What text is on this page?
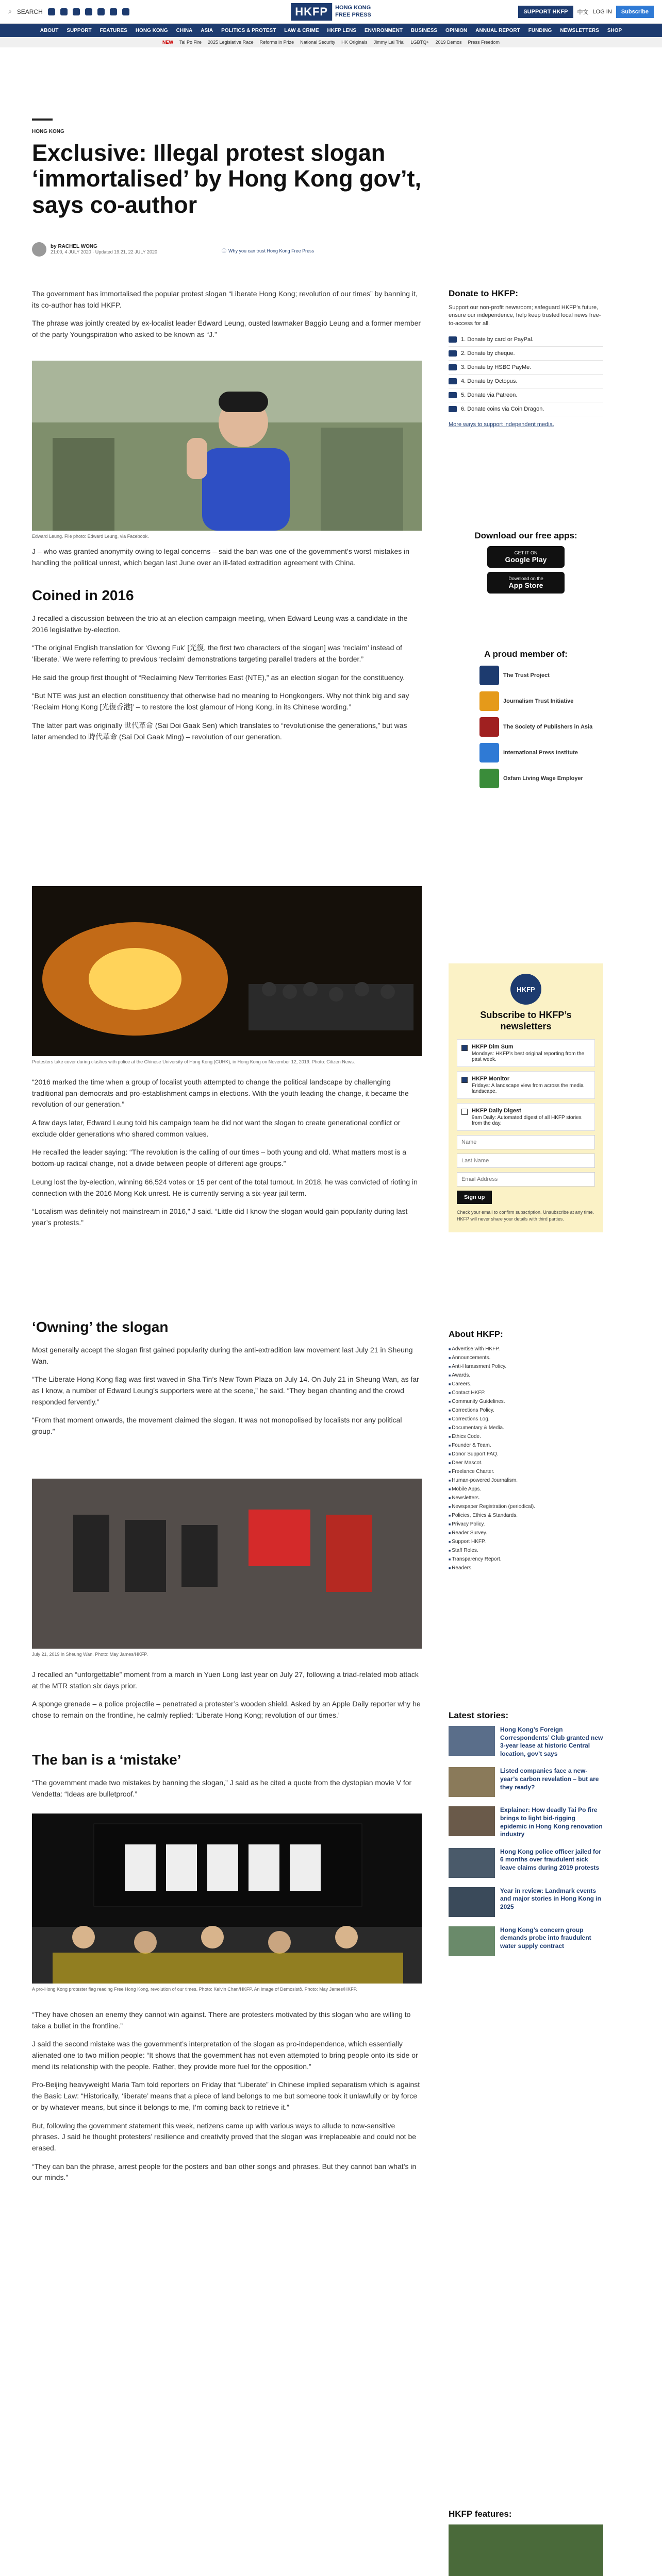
⌕ SEARCH	HKFP	HONG KONG
FREE PRESS	SUPPORT HKFP	中文 LOG IN	Subscribe
ABOUT SUPPORT FEATURES HONG KONG CHINA ASIA POLITICS & PROTEST LAW & CRIME HKFP LENS ENVIRONMENT BUSINESS OPINION ANNUAL REPORT FUNDING NEWSLETTERS SHOP
NEW Tai Po Fire 2025 Legislative Race Reforms in Prize National Security HK Originals Jimmy Lai Trial LGBTQ+ 2019 Demos Press Freedom
HONG KONG
Exclusive: Illegal protest slogan ‘immortalised’ by Hong Kong gov’t, says co-author
by RACHEL WONG
21:00, 4 JULY 2020 · Updated 19:21, 22 JULY 2020	ⓘ Why you can trust Hong Kong Free Press

The government has immortalised the popular protest slogan “Liberate Hong Kong; revolution of our times” by banning it, its co-author has told HKFP.

The phrase was jointly created by ex-localist leader Edward Leung, ousted lawmaker Baggio Leung and a former member of the party Youngspiration who asked to be known as “J.”

Edward Leung. File photo: Edward Leung, via Facebook.

J – who was granted anonymity owing to legal concerns – said the ban was one of the government’s worst mistakes in handling the political unrest, which began last June over an ill-fated extradition agreement with China.

Coined in 2016

J recalled a discussion between the trio at an election campaign meeting, when Edward Leung was a candidate in the 2016 legislative by-election.

“The original English translation for ‘Gwong Fuk’ [光復, the first two characters of the slogan] was ‘reclaim’ instead of ‘liberate.’ We were referring to previous ‘reclaim’ demonstrations targeting parallel traders at the border.”

He said the group first thought of “Reclaiming New Territories East (NTE),” as an election slogan for the constituency.

“But NTE was just an election constituency that otherwise had no meaning to Hongkongers. Why not think big and say ‘Reclaim Hong Kong [光復香港]’ – to restore the lost glamour of Hong Kong, in its Chinese wording.”

The latter part was originally 世代革命 (Sai Doi Gaak Sen) which translates to “revolutionise the generations,” but was later amended to 時代革命 (Sai Doi Gaak Ming) – revolution of our generation.

Protesters take cover during clashes with police at the Chinese University of Hong Kong (CUHK), in Hong Kong on November 12, 2019. Photo: Citizen News.

“2016 marked the time when a group of localist youth attempted to change the political landscape by challenging traditional pan-democrats and pro-establishment camps in elections. With the youth leading the change, it became the revolution of our generation.”

A few days later, Edward Leung told his campaign team he did not want the slogan to create generational conflict or exclude older generations who shared common values.

He recalled the leader saying: “The revolution is the calling of our times – both young and old. What matters most is a bottom-up radical change, not a divide between people of different age groups.”

Leung lost the by-election, winning 66,524 votes or 15 per cent of the total turnout. In 2018, he was convicted of rioting in connection with the 2016 Mong Kok unrest. He is currently serving a six-year jail term.

“Localism was definitely not mainstream in 2016,” J said. “Little did I know the slogan would gain popularity during last year’s protests.”

‘Owning’ the slogan

Most generally accept the slogan first gained popularity during the anti-extradition law movement last July 21 in Sheung Wan.

“The Liberate Hong Kong flag was first waved in Sha Tin’s New Town Plaza on July 14. On July 21 in Sheung Wan, as far as I know, a number of Edward Leung’s supporters were at the scene,” he said. “They began chanting and the crowd responded fervently.”

“From that moment onwards, the movement claimed the slogan. It was not monopolised by localists nor any political group.”

July 21, 2019 in Sheung Wan. Photo: May James/HKFP.

J recalled an “unforgettable” moment from a march in Yuen Long last year on July 27, following a triad-related mob attack at the MTR station six days prior.

A sponge grenade – a police projectile – penetrated a protester’s wooden shield. Asked by an Apple Daily reporter why he chose to remain on the frontline, he calmly replied: ‘Liberate Hong Kong; revolution of our times.’

The ban is a ‘mistake’

“The government made two mistakes by banning the slogan,” J said as he cited a quote from the dystopian movie V for Vendetta: “Ideas are bulletproof.”

A pro-Hong Kong protester flag reading Free Hong Kong, revolution of our times. Photo: Kelvin Chan/HKFP. An image of Demosistō. Photo: May James/HKFP.

“They have chosen an enemy they cannot win against. There are protesters motivated by this slogan who are willing to take a bullet in the frontline.”

J said the second mistake was the government’s interpretation of the slogan as pro-independence, which essentially alienated one to two million people: “It shows that the government has not even attempted to bring people onto its side or mend its relationship with the people. Rather, they provide more fuel for the opposition.”

Pro-Beijing heavyweight Maria Tam told reporters on Friday that “Liberate” in Chinese implied separatism which is against the Basic Law: “Historically, ‘liberate’ means that a piece of land belongs to me but someone took it unlawfully or by force or by whatever means, but since it belongs to me, I’m coming back to retrieve it.”

But, following the government statement this week, netizens came up with various ways to allude to now-sensitive phrases. J said he thought protesters’ resilience and creativity proved that the slogan was irreplaceable and could not be erased.

“They can ban the phrase, arrest people for the posters and ban other songs and phrases. But they cannot ban what’s in our minds.”

Donate to HKFP:

Support our non-profit newsroom; safeguard HKFP’s future, ensure our independence, help keep trusted local news free-to-access for all.

1. Donate by card or PayPal.
2. Donate by cheque.
3. Donate by HSBC PayMe.
4. Donate by Octopus.
5. Donate via Patreon.
6. Donate coins via Coin Dragon.
More ways to support independent media.
Download our free apps:
GET IT ON
Google Play
Download on the
App Store
A proud member of:
The Trust Project
Journalism Trust Initiative
The Society of Publishers in Asia
International Press Institute
Oxfam Living Wage Employer
HKFP
Subscribe to HKFP’s newsletters
HKFP Dim Sum
Mondays: HKFP’s best original reporting from the past week.
HKFP Monitor
Fridays: A landscape view from across the media landscape.
HKFP Daily Digest
9am Daily: Automated digest of all HKFP stories from the day.
Name Last Name Email Address
Sign up
Check your email to confirm subscription. Unsubscribe at any time. HKFP will never share your details with third parties.
About HKFP:
■ Advertise with HKFP.
■ Announcements.
■ Anti-Harassment Policy.
■ Awards.
■ Careers.
■ Contact HKFP.
■ Community Guidelines.
■ Corrections Policy.
■ Corrections Log.
■ Documentary & Media.
■ Ethics Code.
■ Founder & Team.
■ Donor Support FAQ.
■ Deer Mascot.
■ Freelance Charter.
■ Human-powered Journalism.
■ Mobile Apps.
■ Newsletters.
■ Newspaper Registration (periodical).
■ Policies, Ethics & Standards.
■ Privacy Policy.
■ Reader Survey.
■ Support HKFP.
■ Staff Roles.
■ Transparency Report.
■ Readers.
Latest stories:
Hong Kong’s Foreign Correspondents’ Club granted new 3-year lease at historic Central location, gov’t says
Listed companies face a new-year’s carbon revelation – but are they ready?
Explainer: How deadly Tai Po fire brings to light bid-rigging epidemic in Hong Kong renovation industry
Hong Kong police officer jailed for 6 months over fraudulent sick leave claims during 2019 protests
Year in review: Landmark events and major stories in Hong Kong in 2025
Hong Kong’s concern group demands probe into fraudulent water supply contract
HKFP features:
